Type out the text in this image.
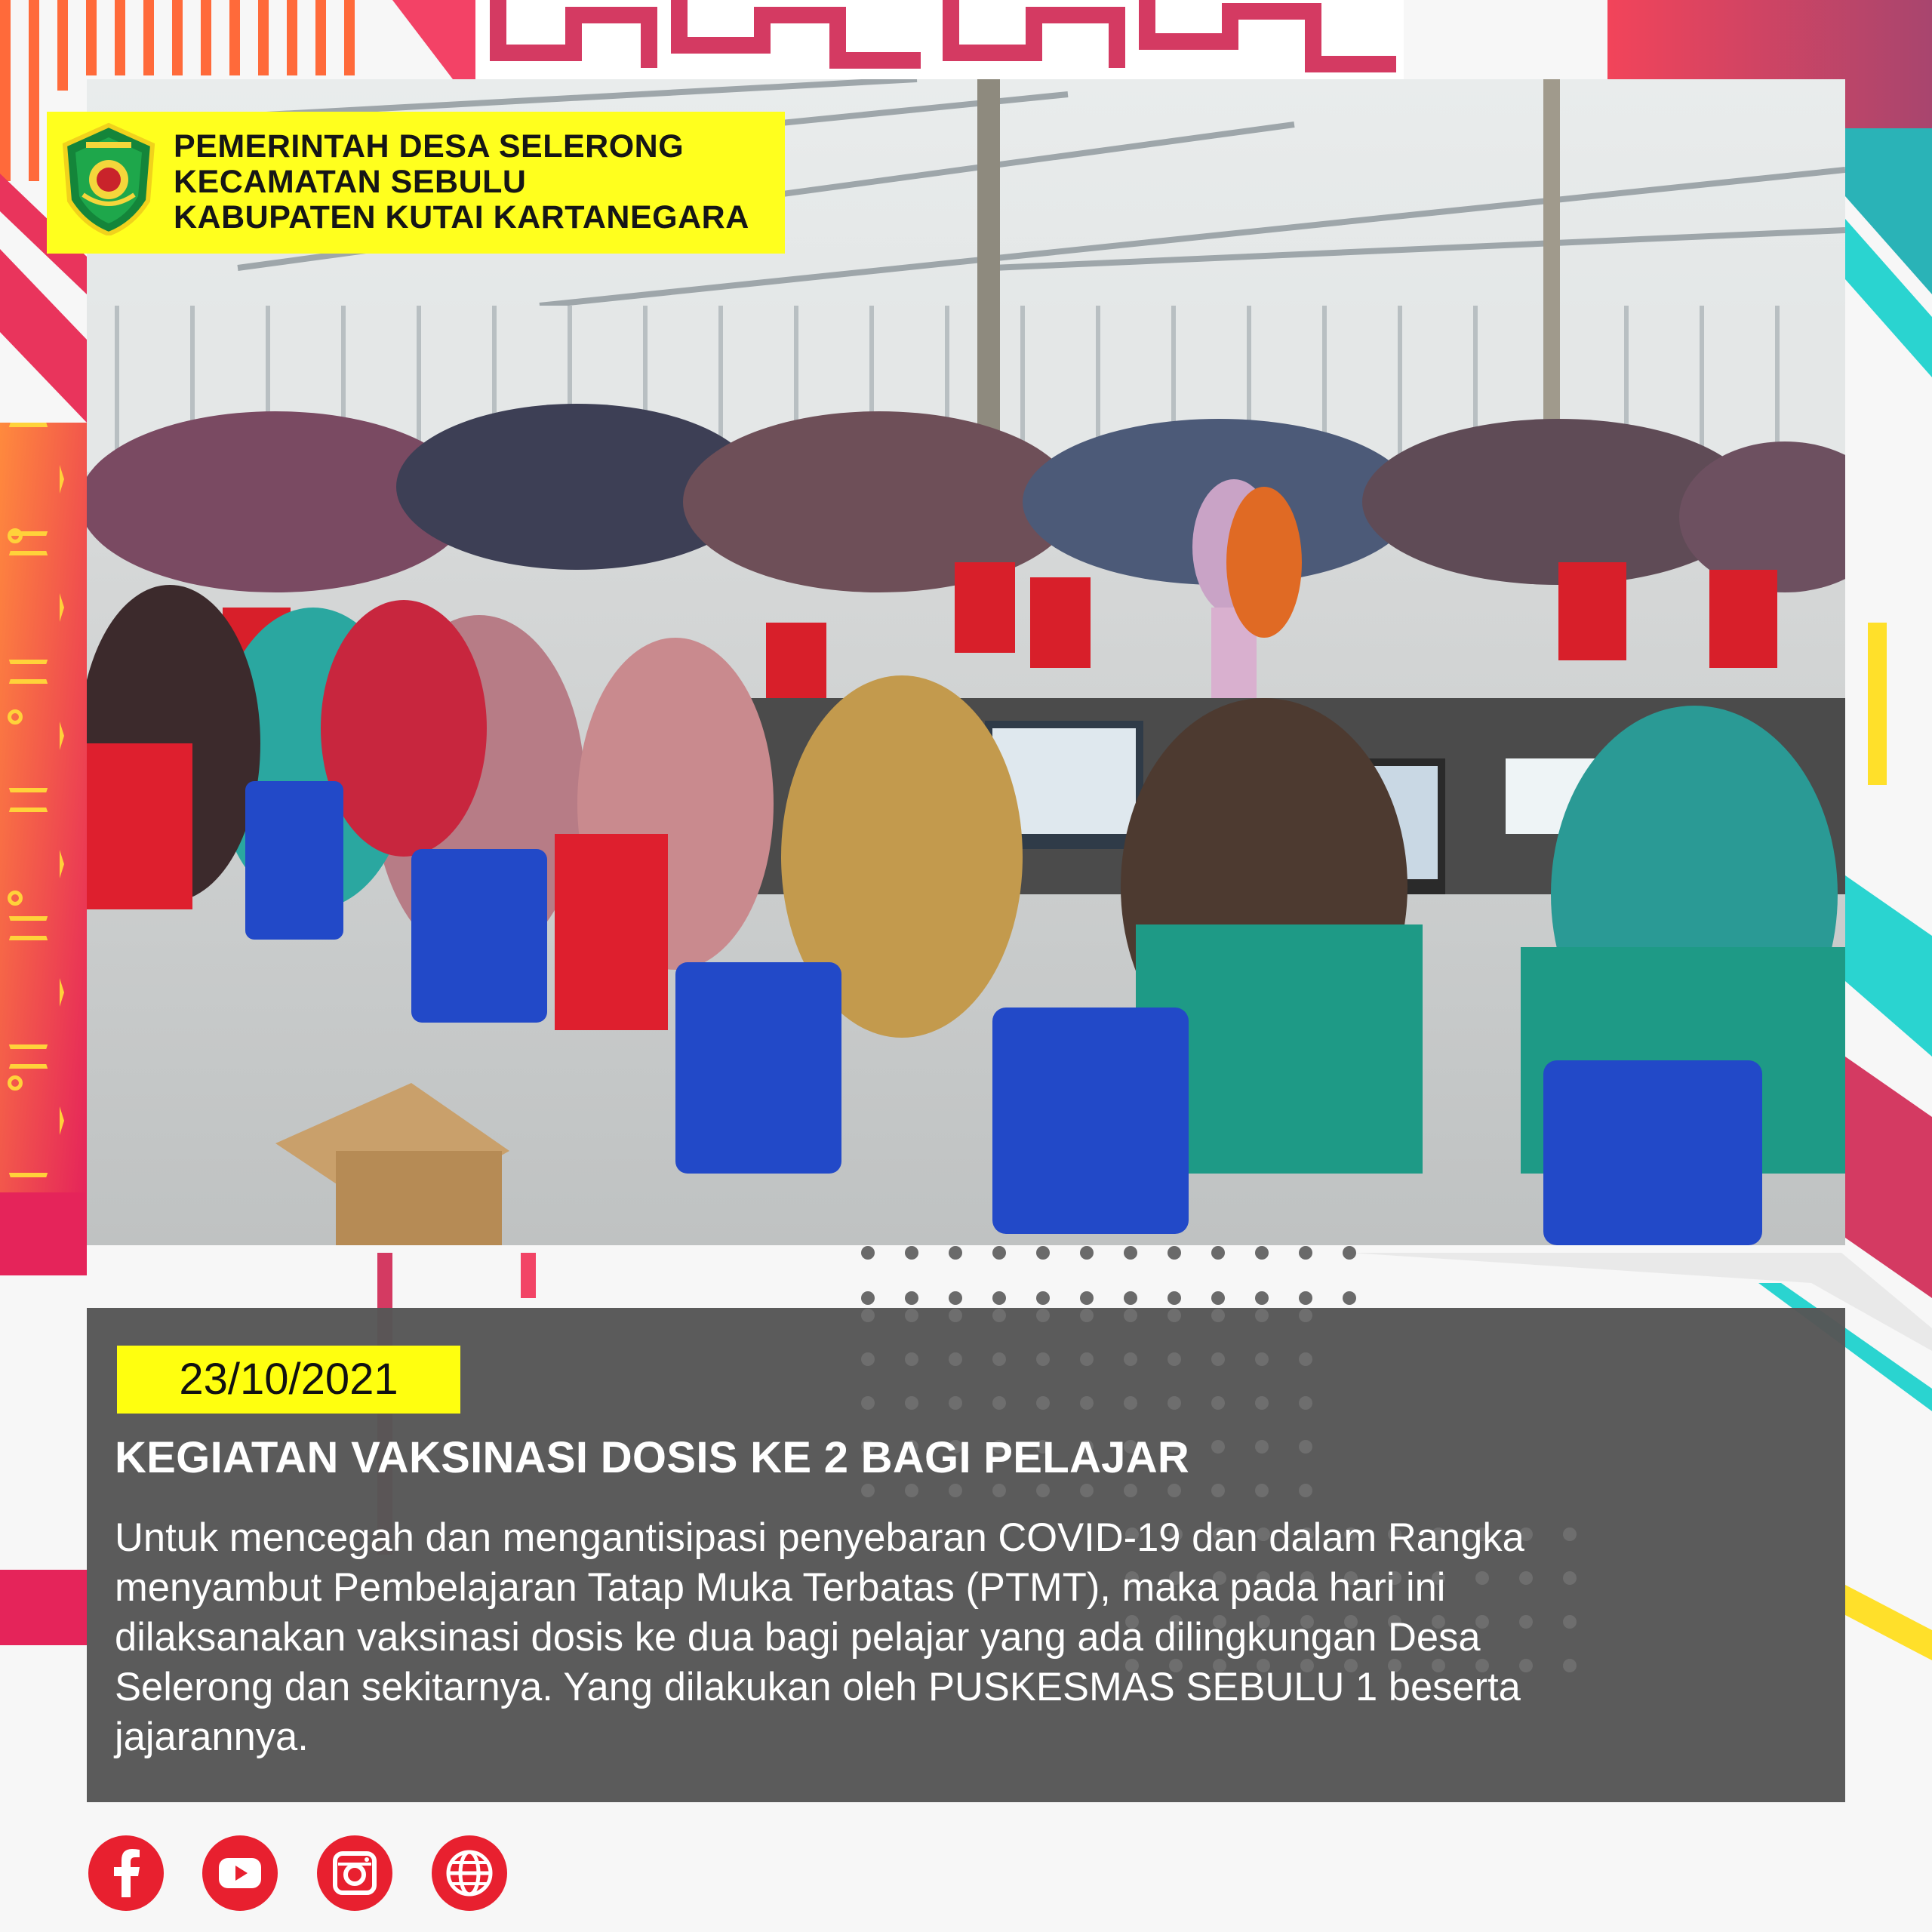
PEMERINTAH DESA SELERONG
KECAMATAN SEBULU
KABUPATEN KUTAI KARTANEGARA
23/10/2021
KEGIATAN VAKSINASI DOSIS KE 2 BAGI PELAJAR
Untuk mencegah dan mengantisipasi penyebaran COVID-19 dan dalam Rangka
menyambut Pembelajaran Tatap Muka Terbatas (PTMT), maka pada hari ini
dilaksanakan vaksinasi dosis ke dua bagi pelajar yang ada dilingkungan Desa
Selerong dan sekitarnya. Yang dilakukan oleh PUSKESMAS SEBULU 1 beserta
jajarannya.
